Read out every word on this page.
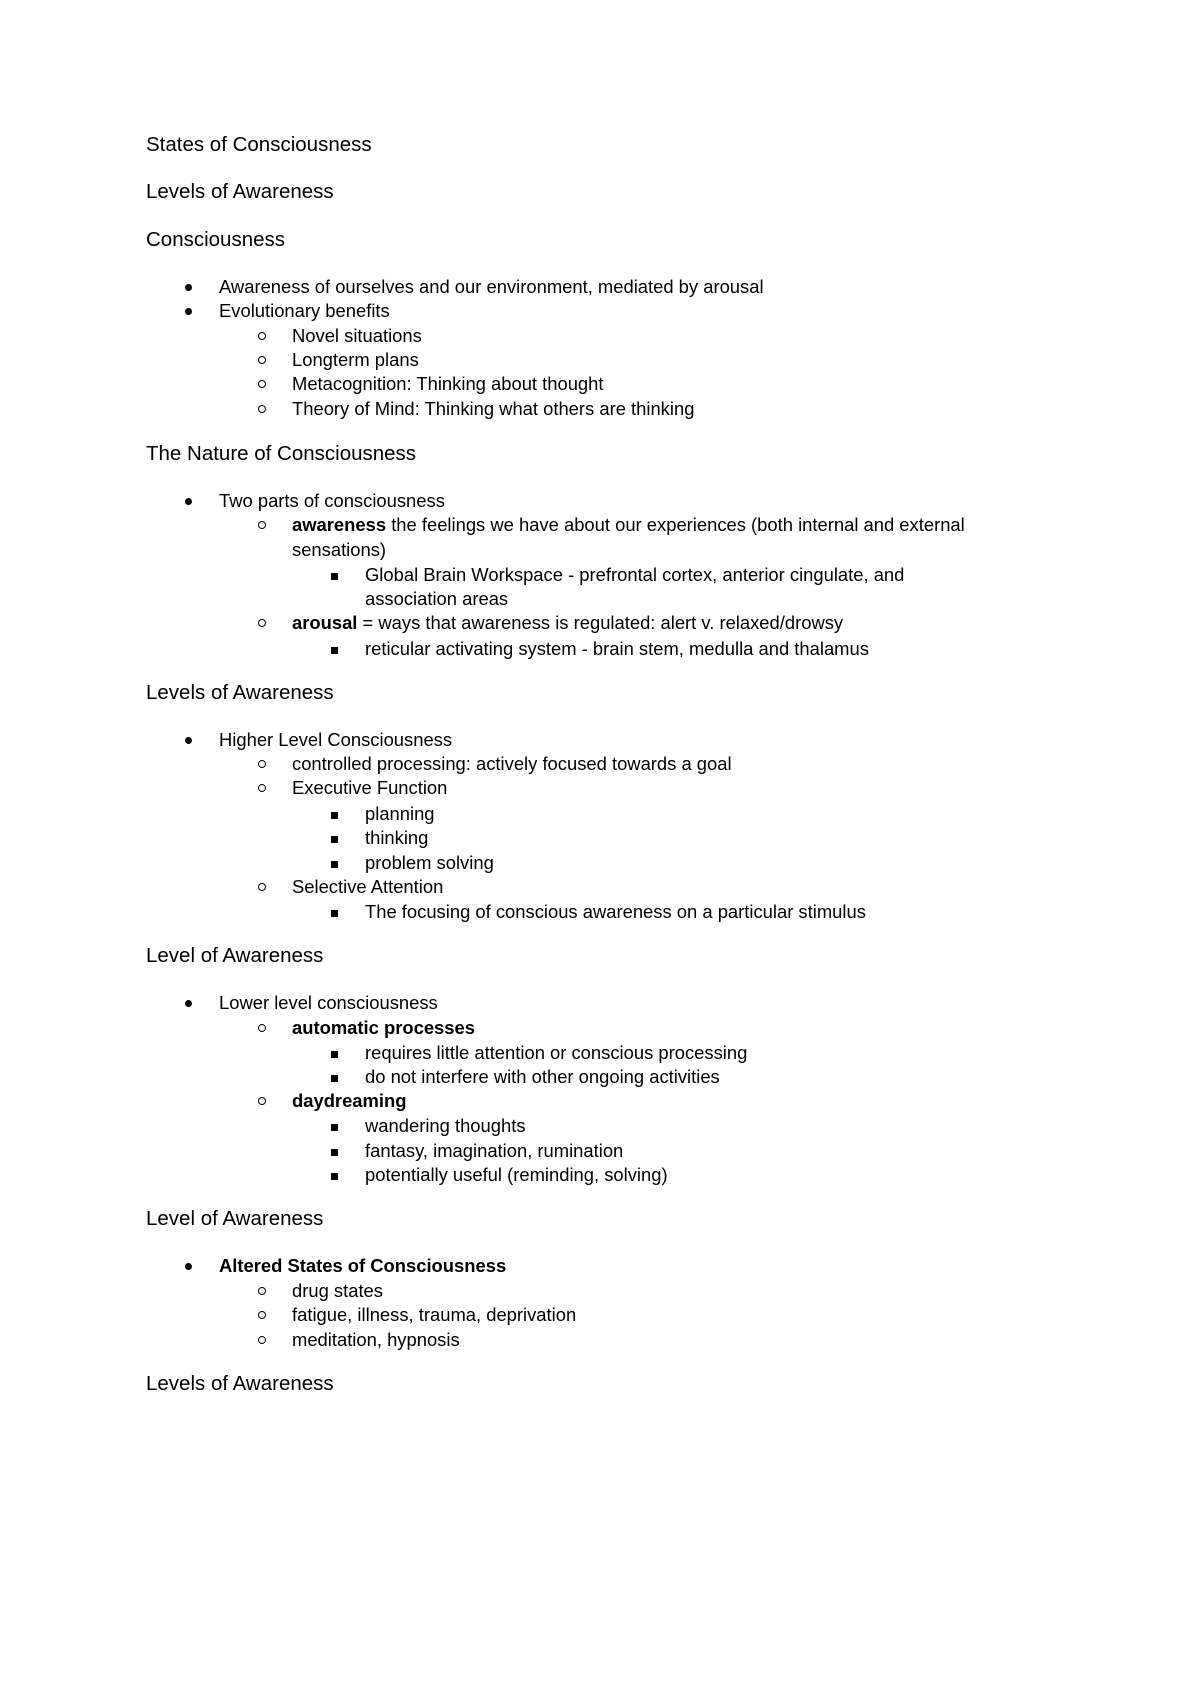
States of Consciousness
Levels of Awareness
Consciousness
Awareness of ourselves and our environment, mediated by arousal
Evolutionary benefits
Novel situations
Longterm plans
Metacognition: Thinking about thought
Theory of Mind: Thinking what others are thinking
The Nature of Consciousness
Two parts of consciousness
awareness the feelings we have about our experiences (both internal and external
sensations)
Global Brain Workspace - prefrontal cortex, anterior cingulate, and
association areas
arousal = ways that awareness is regulated: alert v. relaxed/drowsy
reticular activating system - brain stem, medulla and thalamus
Levels of Awareness
Higher Level Consciousness
controlled processing: actively focused towards a goal
Executive Function
planning
thinking
problem solving
Selective Attention
The focusing of conscious awareness on a particular stimulus
Level of Awareness
Lower level consciousness
automatic processes
requires little attention or conscious processing
do not interfere with other ongoing activities
daydreaming
wandering thoughts
fantasy, imagination, rumination
potentially useful (reminding, solving)
Level of Awareness
Altered States of Consciousness
drug states
fatigue, illness, trauma, deprivation
meditation, hypnosis
Levels of Awareness
